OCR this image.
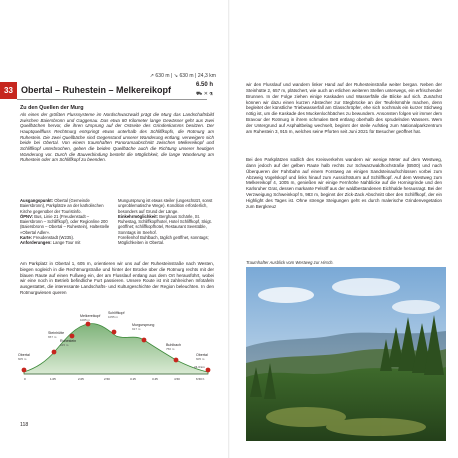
↗ 630 m | ↘ 630 m | 24,3 km
33 Obertal – Ruhestein – Melkereikopf	6.50 h
⛟ ✕ ⚗
Zu den Quellen der Murg
Als eines der größten Flusssysteme im Nordschwarzwald prägt die Murg das Landschaftsbild zwischen Baiersbronn und Gaggenau. Das etwa 80 Kilometer lange Gewässer geht aus zwei Quellbächen hervor, die ihren Ursprung auf der Ostseite des Grindenkamms besitzen. Der Hauptquellfluss Rechtmurg entspringt etwas unterhalb des Schliffkopfs, die Rotmurg am Ruhestein. Die zwei Quellbäche sind Gegenstand unserer Wanderung entlang, verweigern sich beide bei Obertal. Von einem traumhaften Panoramaabschnitt zwischen Melkereikopf und Schliffkopf unterbrochen, geben die beiden Quellbäche auch die Richtung unserer heutigen Wanderung vor. Durch die Bauverbindung besteht die Möglichkeit, die lange Wanderung am Ruhestein oder am Schliffkopf zu beenden.

Ausgangspunkt: Obertal (Gemeinde Baiersbronn), Parkplätze an der katholischen Kirche gegenüber der Touristinfo.

ÖPNV: Bus, Linie 21 (Freudenstadt – Baiersbronn – Schliffkopf), oder Regionline 200 (Baiersbronn – Obertal – Ruhestein), Haltestelle »Obertal Adler«.

Karte: Freudenstadt (W235).

Anforderungen: Lange Tour mit

Mungursprung ist etwas steiler (ungeschützt, sonst unproblematische Wege). Kondition erforderlich, besonders auf Grund der Länge.

Einkehrmöglichkeit: Berghaus Schärle, St. Ruhestag, Schliffkopfhotel, Hotel Schliffkopf, Skigt. geöffnet; schliffkopfhotel, Restaurant Seestüble, Sonntags im Seehof.

Forellenhof Buhlbach, täglich geöffnet, sonntags; Möglichkeiten in Obertal.

Am Parkplatz in Obertal 1, 605 m, orientieren wir uns auf der Ruhesteinstraße nach Westen, biegen sogleich in die Rechtmurgstraße und hinter der Brücke über die Rotmurg rechts mit der blauen Raute auf einen Fußweg ein, der am Flusslauf entlang aus dem Ort herausführt, wobei wir eine noch in Betrieb befindliche Furt passieren. Unsere Route ist mit zahlreichen Infotafeln ausgestattet, die interessante Landschafts- und Kulturgeschichte der Region beleuchten. In den Rotmurgwiesen queren
Melkereikopf
Schliffkopf
Murgursprung
Steinhütte
Obertal
Ruhestein
Buhlbach
Obertal
1005 m
1055 m
917 m
657 m
605 m
915 m
750 m
605 m
0	1.05	2.05	2.50	3.15	3.45	4.50	6.50 h
24.3 km
118
wir den Flusslauf und wandern linker Hand auf der Ruhesteinstraße weiter bergan. Neben der Steinhütte 2, 657 m, plätschert, wie auch an etlichen weiteren Stellen unterwegs, ein erfrischender Brunnen. In der Folge ziehen einige Kaskaden und Wasserfälle die Blicke auf sich. Zunächst können wir dazu einen kurzen Abstecher zur Stegbrücke an der Teufelsmühle machen, denn begleitet der künstliche Triebwasserfall am Glasschröpfer, ehe sich nochmals ein kurzer Stichweg nötig ist, um die Kaskade des Muckenlochbäches zu bewundern. Ansonsten folgen wir immer dem Bravour der Rotmurg in ihrem schmalen Bett entlang oberhalb des sprudelnden Wassers. Wem der Untergrund auf Asphaltbelag wechselt, beginnt der steile Aufstieg zum Nationalparkzentrum am Ruhestein 3, 915 m, welches seine Pforten seit Juni 2021 für Besucher geöffnet hat.
Bei den Parkplätzen südlich des Kreisverkehrs wandern wir wenige Meter auf dem Westweg, dann jedoch auf der gelben Raute halb rechts zur Schwarzwaldhochstraße (B500) und nach Überqueren der Fahrbahn auf einem Forstweg an einigen Sandsteinaufschlüssen vorbei zum Abzweig Vogelskopf und links hinauf zum Aussichtsturm auf Schliffkopf. Auf dem Westweg zum Melkereikopf 4, 1005 m, genießen wir einige Fernhöhe Nahblicke auf die Hornisgrinde und den Karlsruher Grat, dessen markante Felsriff aus der waldbestandenen Eichhalde herausragt. Bei der Verzweigung Schweinkopf 5, 983 m, beginnt der Zick-Zack Abschnitt über den Schliffkopf, der ein Highlight des Tages ist. Ohne strenge Steigungen geht es durch malerische Grindenvegetation zum Bergkreuz
Traumhafter Ausblick vom Westweg zur Hirsch.
